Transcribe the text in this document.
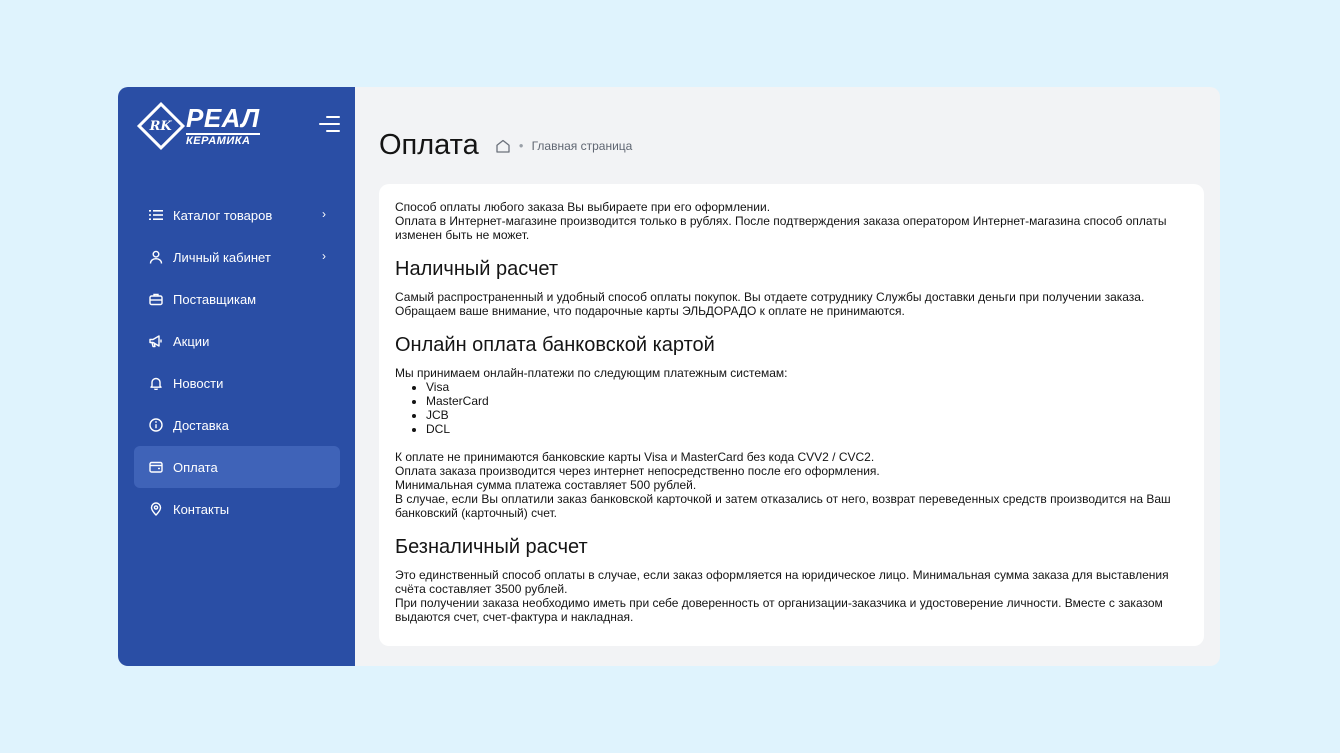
RK РЕАЛ
КЕРАМИКА
Каталог товаров	›
Личный кабинет	›
Поставщикам
Акции
Новости
Доставка
Оплата
Контакты
Оплата	● Главная страница

Способ оплаты любого заказа Вы выбираете при его оформлении.

Оплата в Интернет-магазине производится только в рублях. После подтверждения заказа оператором Интернет-магазина способ оплаты изменен быть не может.

Наличный расчет

Самый распространенный и удобный способ оплаты покупок. Вы отдаете сотруднику Службы доставки деньги при получении заказа.

Обращаем ваше внимание, что подарочные карты ЭЛЬДОРАДО к оплате не принимаются.

Онлайн оплата банковской картой

Мы принимаем онлайн-платежи по следующим платежным системам:

• Visa
• MasterCard
• JCB
• DCL

К оплате не принимаются банковские карты Visa и MasterCard без кода CVV2 / CVC2.

Оплата заказа производится через интернет непосредственно после его оформления.

Минимальная сумма платежа составляет 500 рублей.

В случае, если Вы оплатили заказ банковской карточкой и затем отказались от него, возврат переведенных средств производится на Ваш банковский (карточный) счет.

Безналичный расчет

Это единственный способ оплаты в случае, если заказ оформляется на юридическое лицо. Минимальная сумма заказа для выставления счёта составляет 3500 рублей.

При получении заказа необходимо иметь при себе доверенность от организации-заказчика и удостоверение личности. Вместе с заказом выдаются счет, счет-фактура и накладная.
